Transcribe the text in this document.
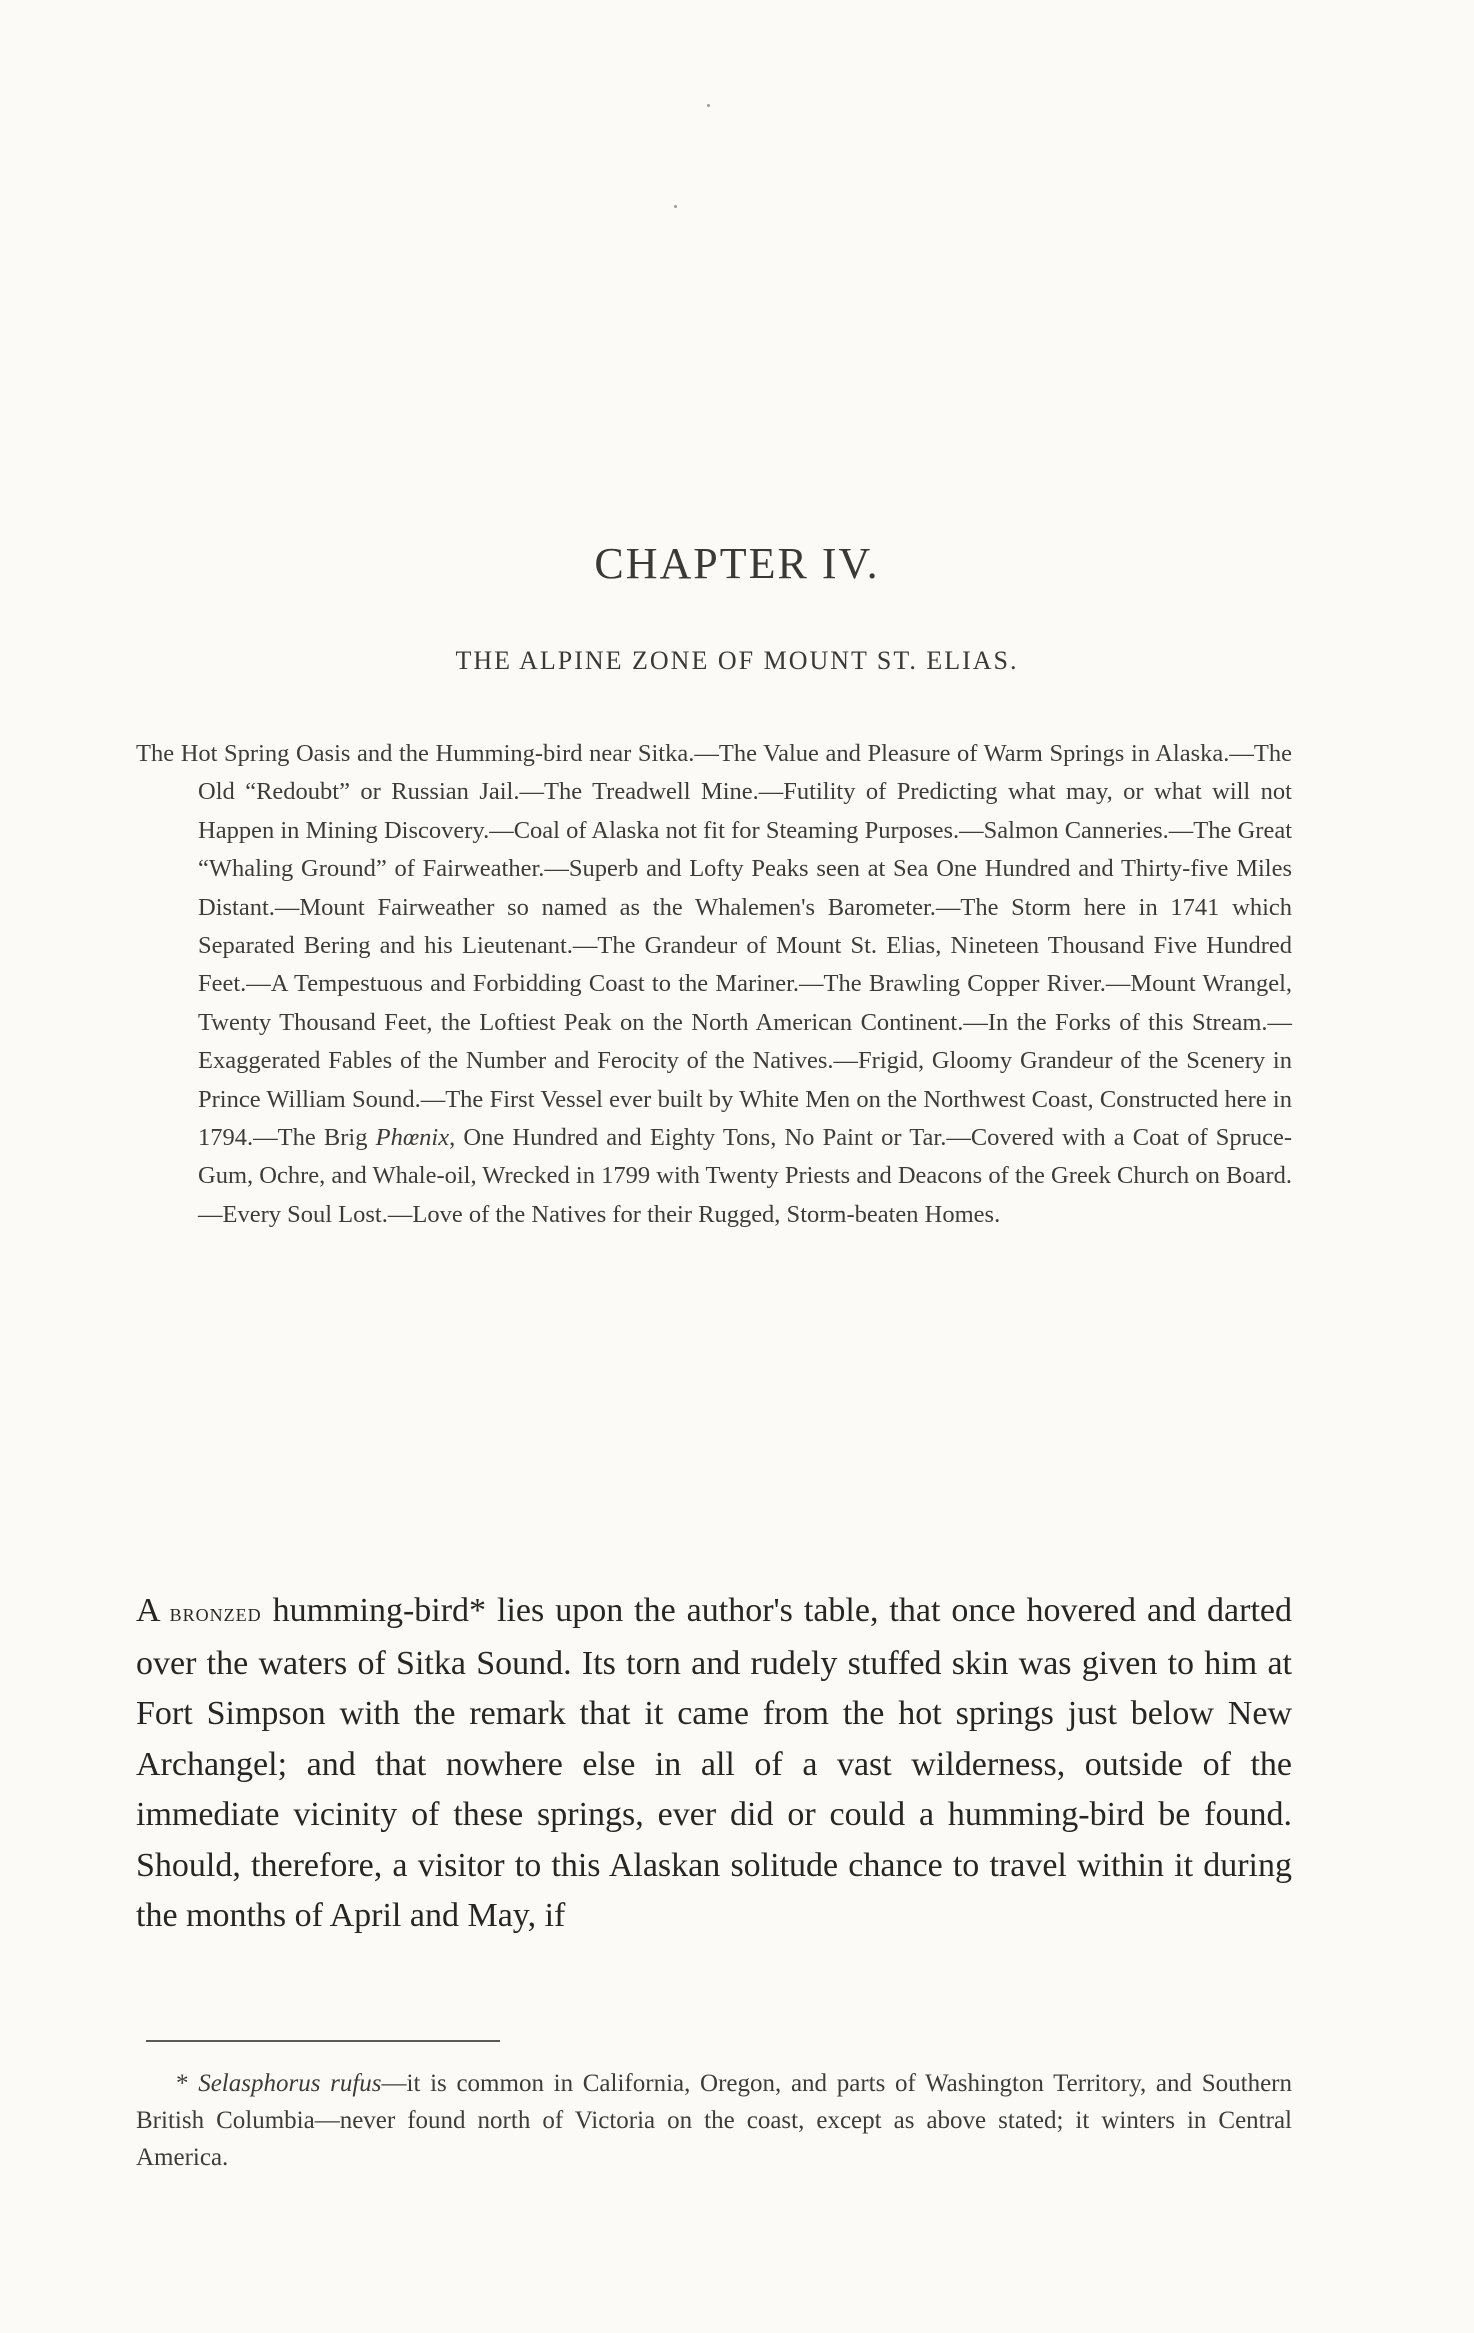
CHAPTER IV.
THE ALPINE ZONE OF MOUNT ST. ELIAS.

The Hot Spring Oasis and the Humming-bird near Sitka.—The Value and Pleasure of Warm Springs in Alaska.—The Old “Redoubt” or Russian Jail.—The Treadwell Mine.—Futility of Predicting what may, or what will not Happen in Mining Discovery.—Coal of Alaska not fit for Steaming Purposes.—Salmon Canneries.—The Great “Whaling Ground” of Fairweather.—Superb and Lofty Peaks seen at Sea One Hundred and Thirty-five Miles Distant.—Mount Fairweather so named as the Whalemen's Barometer.—The Storm here in 1741 which Separated Bering and his Lieutenant.—The Grandeur of Mount St. Elias, Nineteen Thousand Five Hundred Feet.—A Tempestuous and Forbidding Coast to the Mariner.—The Brawling Copper River.—Mount Wrangel, Twenty Thousand Feet, the Loftiest Peak on the North American Continent.—In the Forks of this Stream.—Exaggerated Fables of the Number and Ferocity of the Natives.—Frigid, Gloomy Grandeur of the Scenery in Prince William Sound.—The First Vessel ever built by White Men on the Northwest Coast, Constructed here in 1794.—The Brig Phœnix, One Hundred and Eighty Tons, No Paint or Tar.—Covered with a Coat of Spruce-Gum, Ochre, and Whale-oil, Wrecked in 1799 with Twenty Priests and Deacons of the Greek Church on Board.—Every Soul Lost.—Love of the Natives for their Rugged, Storm-beaten Homes.

A bronzed humming-bird* lies upon the author's table, that once hovered and darted over the waters of Sitka Sound. Its torn and rudely stuffed skin was given to him at Fort Simpson with the remark that it came from the hot springs just below New Archangel; and that nowhere else in all of a vast wilderness, outside of the immediate vicinity of these springs, ever did or could a humming-bird be found. Should, therefore, a visitor to this Alaskan solitude chance to travel within it during the months of April and May, if

* Selasphorus rufus—it is common in California, Oregon, and parts of Washington Territory, and Southern British Columbia—never found north of Victoria on the coast, except as above stated; it winters in Central America.
